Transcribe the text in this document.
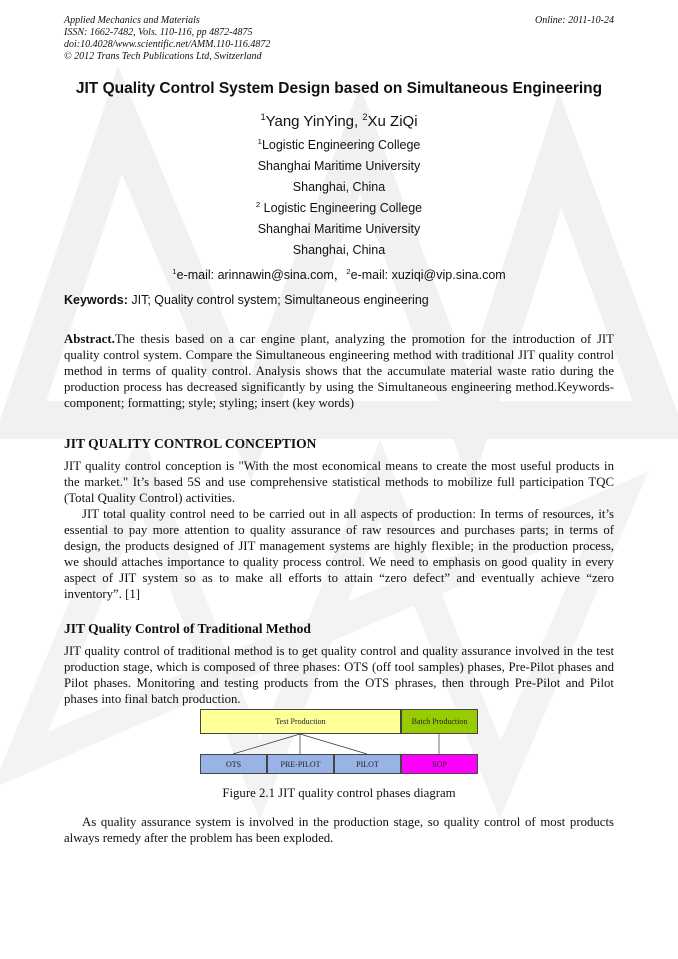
Applied Mechanics and Materials
ISSN: 1662-7482, Vols. 110-116, pp 4872-4875
doi:10.4028/www.scientific.net/AMM.110-116.4872
© 2012 Trans Tech Publications Ltd, Switzerland
Online: 2011-10-24
JIT Quality Control System Design based on Simultaneous Engineering
$^1$Yang YinYing, $^2$Xu ZiQi
$^1$Logistic Engineering College
Shanghai Maritime University
Shanghai, China
$^2$ Logistic Engineering College
Shanghai Maritime University
Shanghai, China
$^1$e-mail: arinnawin@sina.com，$^2$e-mail: xuziqi@vip.sina.com
Keywords: JIT; Quality control system; Simultaneous engineering
Abstract.The thesis based on a car engine plant, analyzing the promotion for the introduction of JIT quality control system. Compare the Simultaneous engineering method with traditional JIT quality control method in terms of quality control. Analysis shows that the accumulate material waste ratio during the production process has decreased significantly by using the Simultaneous engineering method.Keywords-component; formatting; style; styling; insert (key words)
JIT QUALITY CONTROL CONCEPTION
JIT quality control conception is "With the most economical means to create the most useful products in the market." It’s based 5S and use comprehensive statistical methods to mobilize full participation TQC (Total Quality Control) activities.
JIT total quality control need to be carried out in all aspects of production: In terms of resources, it’s essential to pay more attention to quality assurance of raw resources and purchases parts; in terms of design, the products designed of JIT management systems are highly flexible; in the production process, we should attaches importance to quality process control. We need to emphasis on good quality in every aspect of JIT system so as to make all efforts to attain “zero defect” and eventually achieve “zero inventory”. [1]
JIT Quality Control of Traditional Method
JIT quality control of traditional method is to get quality control and quality assurance involved in the test production stage, which is composed of three phases: OTS (off tool samples) phases, Pre-Pilot phases and Pilot phases. Monitoring and testing products from the OTS phrases, then through Pre-Pilot and Pilot phases into final batch production.
Test Production	Batch Production
OTS	PRE-PILOT	PILOT	SOP
Figure 2.1 JIT quality control phases diagram
As quality assurance system is involved in the production stage, so quality control of most products always remedy after the problem has been exploded.
